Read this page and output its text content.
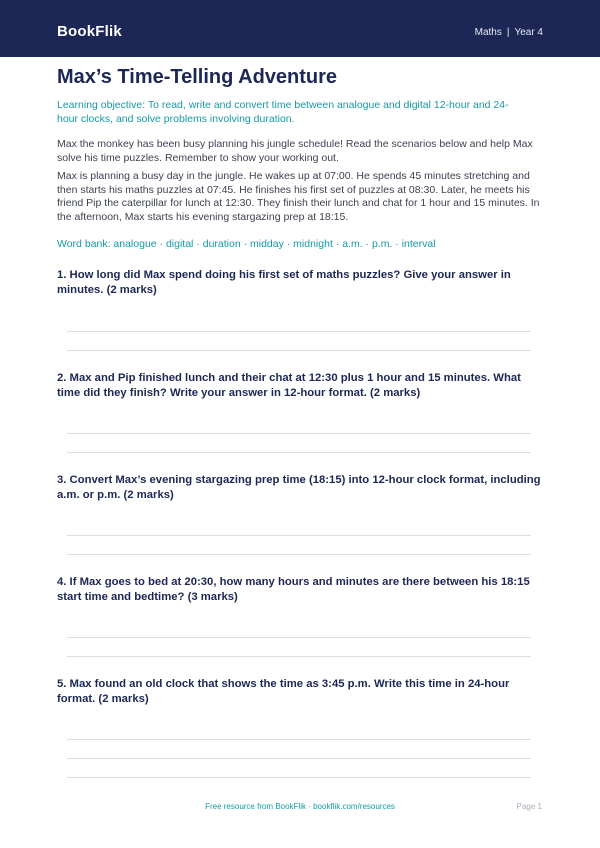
BookFlik	Maths | Year 4
Max’s Time-Telling Adventure
Learning objective: To read, write and convert time between analogue and digital 12-hour and 24-hour clocks, and solve problems involving duration.
Max the monkey has been busy planning his jungle schedule! Read the scenarios below and help Max solve his time puzzles. Remember to show your working out.
Max is planning a busy day in the jungle. He wakes up at 07:00. He spends 45 minutes stretching and then starts his maths puzzles at 07:45. He finishes his first set of puzzles at 08:30. Later, he meets his friend Pip the caterpillar for lunch at 12:30. They finish their lunch and chat for 1 hour and 15 minutes. In the afternoon, Max starts his evening stargazing prep at 18:15.
Word bank: analogue · digital · duration · midday · midnight · a.m. · p.m. · interval
1. How long did Max spend doing his first set of maths puzzles? Give your answer in minutes. (2 marks)
2. Max and Pip finished lunch and their chat at 12:30 plus 1 hour and 15 minutes. What time did they finish? Write your answer in 12-hour format. (2 marks)
3. Convert Max’s evening stargazing prep time (18:15) into 12-hour clock format, including a.m. or p.m. (2 marks)
4. If Max goes to bed at 20:30, how many hours and minutes are there between his 18:15 start time and bedtime? (3 marks)
5. Max found an old clock that shows the time as 3:45 p.m. Write this time in 24-hour format. (2 marks)
Free resource from BookFlik · bookflik.com/resources	Page 1
